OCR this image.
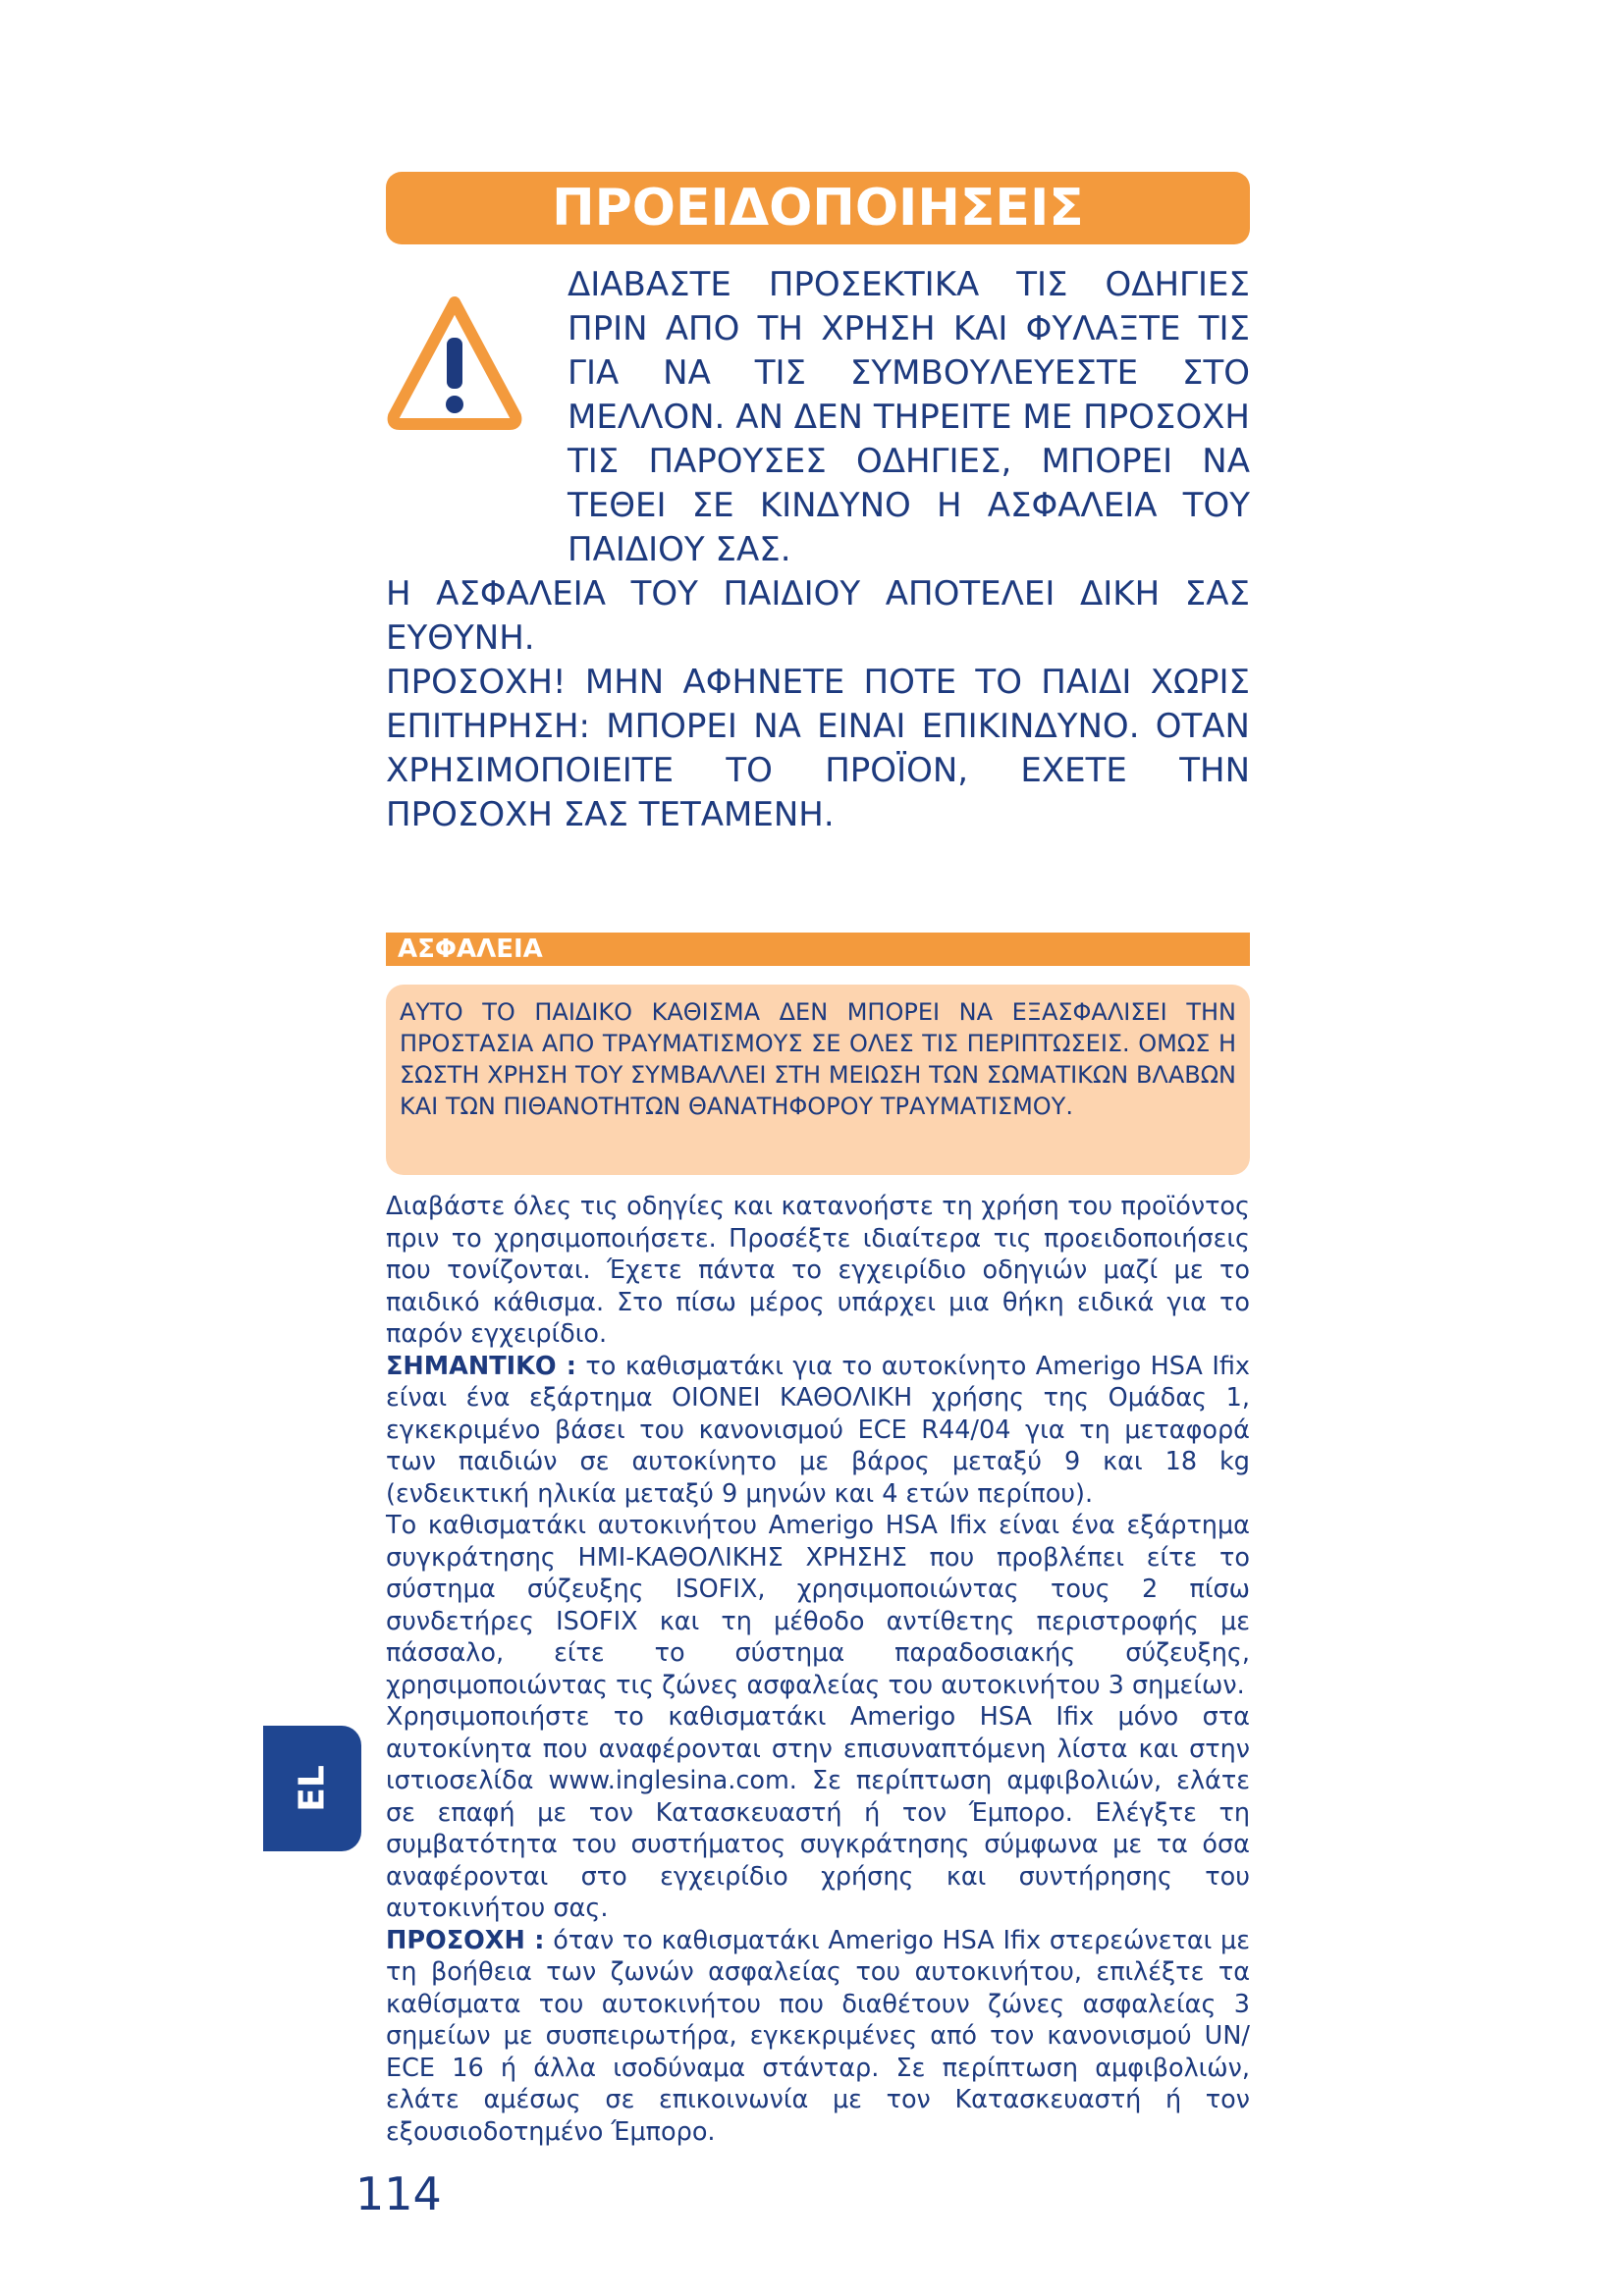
ΠΡΟΕΙΔΟΠΟΙΗΣΕΙΣ

ΔΙΑΒΑΣΤΕ ΠΡΟΣΕΚΤΙΚΑ ΤΙΣ ΟΔΗΓΙΕΣ ΠΡΙΝ ΑΠΟ ΤΗ ΧΡΗΣΗ ΚΑΙ ΦΥΛΑΞΤΕ ΤΙΣ ΓΙΑ ΝΑ ΤΙΣ ΣΥΜΒΟΥΛΕΥΕΣΤΕ ΣΤΟ ΜΕΛΛΟΝ. ΑΝ ΔΕΝ ΤΗΡΕΙΤΕ ΜΕ ΠΡΟΣΟΧΗ ΤΙΣ ΠΑΡΟΥΣΕΣ ΟΔΗΓΙΕΣ, ΜΠΟΡΕΙ ΝΑ ΤΕΘΕΙ ΣΕ ΚΙΝΔΥΝΟ Η ΑΣΦΑΛΕΙΑ ΤΟΥ ΠΑΙΔΙΟΥ ΣΑΣ.

Η ΑΣΦΑΛΕΙΑ ΤΟΥ ΠΑΙΔΙΟΥ ΑΠΟΤΕΛΕΙ ΔΙΚΗ ΣΑΣ ΕΥΘΥΝΗ.

ΠΡΟΣΟΧΗ! ΜΗΝ ΑΦΗΝΕΤΕ ΠΟΤΕ ΤΟ ΠΑΙΔΙ ΧΩΡΙΣ ΕΠΙΤΗΡΗΣΗ: ΜΠΟΡΕΙ ΝΑ ΕΙΝΑΙ ΕΠΙΚΙΝΔΥΝΟ. ΟΤΑΝ ΧΡΗΣΙΜΟΠΟΙΕΙΤΕ ΤΟ ΠΡΟΪΟΝ, ΕΧΕΤΕ ΤΗΝ ΠΡΟΣΟΧΗ ΣΑΣ ΤΕΤΑΜΕΝΗ.

ΑΣΦΑΛΕΙΑ
ΑΥΤΟ ΤΟ ΠΑΙΔΙΚΟ ΚΑΘΙΣΜΑ ΔΕΝ ΜΠΟΡΕΙ ΝΑ ΕΞΑΣΦΑΛΙΣΕΙ ΤΗΝ ΠΡΟΣΤΑΣΙΑ ΑΠΟ ΤΡΑΥΜΑΤΙΣΜΟΥΣ ΣΕ ΟΛΕΣ ΤΙΣ ΠΕΡΙΠΤΩΣΕΙΣ. ΟΜΩΣ Η ΣΩΣΤΗ ΧΡΗΣΗ ΤΟΥ ΣΥΜΒΑΛΛΕΙ ΣΤΗ ΜΕΙΩΣΗ ΤΩΝ ΣΩΜΑΤΙΚΩΝ ΒΛΑΒΩΝ ΚΑΙ ΤΩΝ ΠΙΘΑΝΟΤΗΤΩΝ ΘΑΝΑΤΗΦΟΡΟΥ ΤΡΑΥΜΑΤΙΣΜΟΥ.

Διαβάστε όλες τις οδηγίες και κατανοήστε τη χρήση του προϊόντος πριν το χρησιμοποιήσετε. Προσέξτε ιδιαίτερα τις προειδοποιήσεις που τονίζονται. Έχετε πάντα το εγχειρίδιο οδηγιών μαζί με το παιδικό κάθισμα. Στο πίσω μέρος υπάρχει μια θήκη ειδικά για το παρόν εγχειρίδιο.

ΣΗΜΑΝΤΙΚΟ : το καθισματάκι για το αυτοκίνητο Amerigo HSA Ifix είναι ένα εξάρτημα ΟΙΟΝΕΙ ΚΑΘΟΛΙΚΗ χρήσης της Ομάδας 1, εγκεκριμένο βάσει του κανονισμού ECE R44/04 για τη μεταφορά των παιδιών σε αυτοκίνητο με βάρος μεταξύ 9 και 18 kg (ενδεικτική ηλικία μεταξύ 9 μηνών και 4 ετών περίπου).

Το καθισματάκι αυτοκινήτου Amerigo HSA Ifix είναι ένα εξάρτημα συγκράτησης ΗΜΙ-ΚΑΘΟΛΙΚΗΣ ΧΡΗΣΗΣ που προβλέπει είτε το σύστημα σύζευξης ISOFIX, χρησιμοποιώντας τους 2 πίσω συνδετήρες ISOFIX και τη μέθοδο αντίθετης περιστροφής με πάσσαλο, είτε το σύστημα παραδοσιακής σύζευξης, χρησιμοποιώντας τις ζώνες ασφαλείας του αυτοκινήτου 3 σημείων.

Χρησιμοποιήστε το καθισματάκι Amerigo HSA Ifix μόνο στα αυτοκίνητα που αναφέρονται στην επισυναπτόμενη λίστα και στην ιστιοσελίδα www.inglesina.com. Σε περίπτωση αμφιβολιών, ελάτε σε επαφή με τον Κατασκευαστή ή τον Έμπορο. Ελέγξτε τη συμβατότητα του συστήματος συγκράτησης σύμφωνα με τα όσα αναφέρονται στο εγχειρίδιο χρήσης και συντήρησης του αυτοκινήτου σας.

ΠΡΟΣΟΧΗ : όταν το καθισματάκι Amerigo HSA Ifix στερεώνεται με τη βοήθεια των ζωνών ασφαλείας του αυτοκινήτου, επιλέξτε τα καθίσματα του αυτοκινήτου που διαθέτουν ζώνες ασφαλείας 3 σημείων με συσπειρωτήρα, εγκεκριμένες από τον κανονισμού UN/ ECE 16 ή άλλα ισοδύναμα στάνταρ. Σε περίπτωση αμφιβολιών, ελάτε αμέσως σε επικοινωνία με τον Κατασκευαστή ή τον εξουσιοδοτημένο Έμπορο.

EL
114
